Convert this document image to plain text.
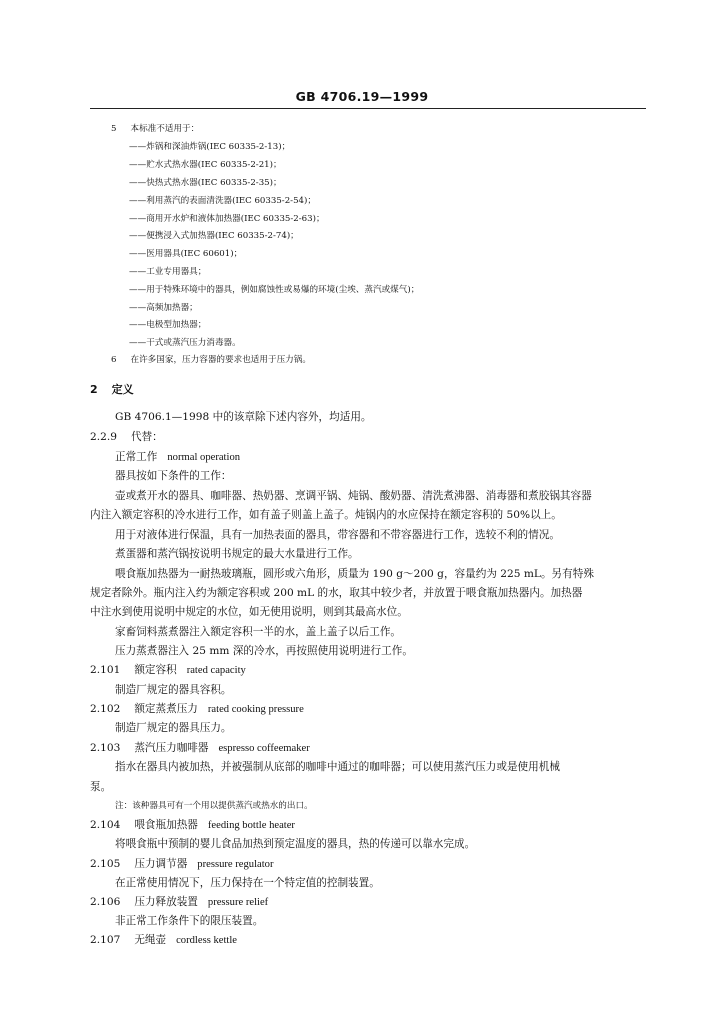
GB 4706.19—1999
5 本标准不适用于：
——炸锅和深油炸锅(IEC 60335-2-13)；
——贮水式热水器(IEC 60335-2-21)；
——快热式热水器(IEC 60335-2-35)；
——利用蒸汽的表面清洗器(IEC 60335-2-54)；
——商用开水炉和液体加热器(IEC 60335-2-63)；
——便携浸入式加热器(IEC 60335-2-74)；
——医用器具(IEC 60601)；
——工业专用器具；
——用于特殊环境中的器具，例如腐蚀性或易爆的环境(尘埃、蒸汽或煤气)；
——高频加热器；
——电极型加热器；
——干式或蒸汽压力消毒器。
6 在许多国家，压力容器的要求也适用于压力锅。
2 定义
GB 4706.1—1998 中的该章除下述内容外，均适用。
2.2.9 代替：
正常工作 normal operation
器具按如下条件的工作：
壶或煮开水的器具、咖啡器、热奶器、烹调平锅、炖锅、酸奶器、清洗煮沸器、消毒器和煮胶锅其容器
内注入额定容积的冷水进行工作，如有盖子则盖上盖子。炖锅内的水应保持在额定容积的 50%以上。
用于对液体进行保温，具有一加热表面的器具，带容器和不带容器进行工作，选较不利的情况。
煮蛋器和蒸汽锅按说明书规定的最大水量进行工作。
喂食瓶加热器为一耐热玻璃瓶，圆形或六角形，质量为 190 g～200 g，容量约为 225 mL。另有特殊
规定者除外。瓶内注入约为额定容积或 200 mL 的水，取其中较少者，并放置于喂食瓶加热器内。加热器
中注水到使用说明中规定的水位，如无使用说明，则到其最高水位。
家畜饲料蒸煮器注入额定容积一半的水，盖上盖子以后工作。
压力蒸煮器注入 25 mm 深的冷水，再按照使用说明进行工作。
2.101 额定容积 rated capacity
制造厂规定的器具容积。
2.102 额定蒸煮压力 rated cooking pressure
制造厂规定的器具压力。
2.103 蒸汽压力咖啡器 espresso coffeemaker
指水在器具内被加热，并被强制从底部的咖啡中通过的咖啡器；可以使用蒸汽压力或是使用机械
泵。
注：该种器具可有一个用以提供蒸汽或热水的出口。
2.104 喂食瓶加热器 feeding bottle heater
将喂食瓶中预制的婴儿食品加热到预定温度的器具，热的传递可以靠水完成。
2.105 压力调节器 pressure regulator
在正常使用情况下，压力保持在一个特定值的控制装置。
2.106 压力释放装置 pressure relief
非正常工作条件下的限压装置。
2.107 无绳壶 cordless kettle
